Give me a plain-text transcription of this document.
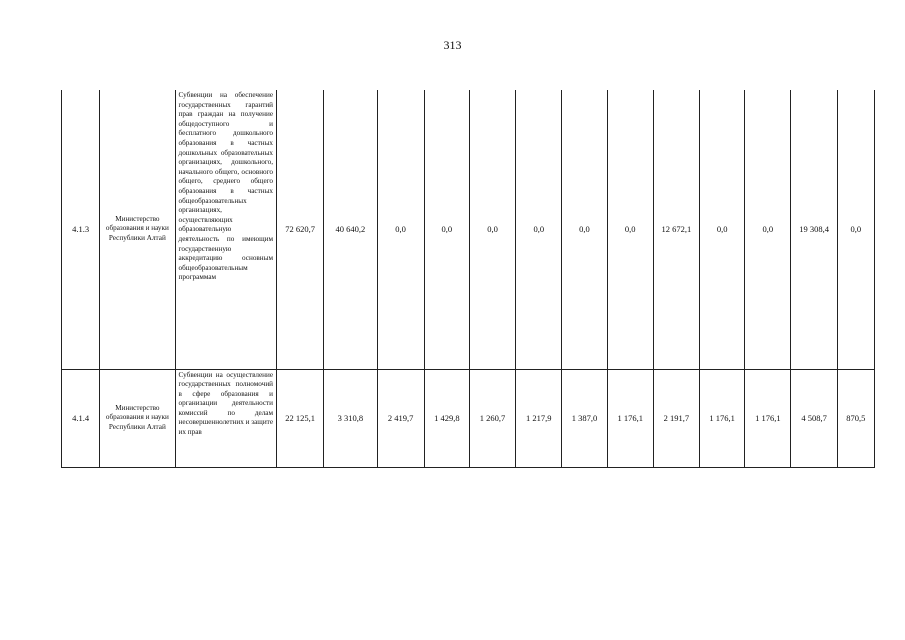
313
4.1.3	Министерство образования и науки Республики Алтай	Субвенции на обеспечение государственных гарантий прав граждан на получение общедоступного и бесплатного дошкольного образования в частных дошкольных образовательных организациях, дошкольного, начального общего, основного общего, среднего общего образования в частных общеобразовательных организациях, осуществляющих образовательную деятельность по имеющим государственную аккредитацию основным общеобразовательным программам	72 620,7	40 640,2	0,0	0,0	0,0	0,0	0,0	0,0	12 672,1	0,0	0,0	19 308,4	0,0
4.1.4	Министерство образования и науки Республики Алтай	Субвенции на осуществление государственных полномочий в сфере образования и организации деятельности комиссий по делам несовершеннолетних и защите их прав	22 125,1	3 310,8	2 419,7	1 429,8	1 260,7	1 217,9	1 387,0	1 176,1	2 191,7	1 176,1	1 176,1	4 508,7	870,5
